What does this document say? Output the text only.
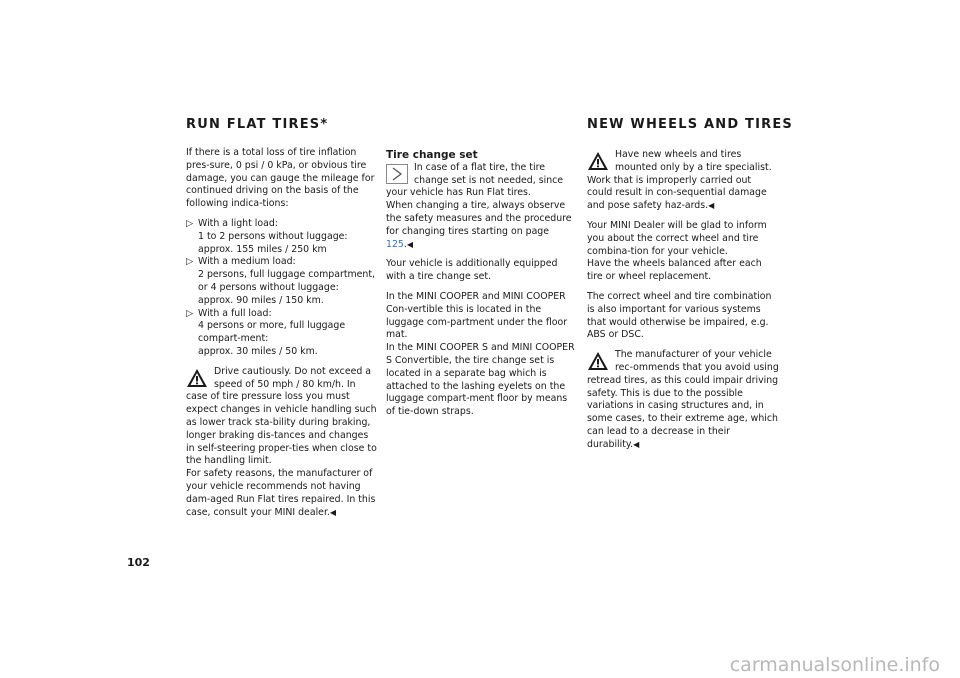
RUN FLAT TIRES*	NEW WHEELS AND TIRES

If there is a total loss of tire inflation pres-sure, 0 psi / 0 kPa, or obvious tire damage, you can gauge the mileage for continued driving on the basis of the following indica-tions:

▷ With a light load:
1 to 2 persons without luggage:
approx. 155 miles / 250 km
▷ With a medium load:
2 persons, full luggage compartment, or 4 persons without luggage:
approx. 90 miles / 150 km.
▷ With a full load:
4 persons or more, full luggage compart-ment:
approx. 30 miles / 50 km.
Drive cautiously. Do not exceed a speed of 50 mph / 80 km/h. In case of tire pressure loss you must expect changes in vehicle handling such as lower track sta-bility during braking, longer braking dis-tances and changes in self-steering proper-ties when close to the handling limit.
For safety reasons, the manufacturer of your vehicle recommends not having dam-aged Run Flat tires repaired. In this case, consult your MINI dealer.◀

Tire change set

In case of a flat tire, the tire change set is not needed, since your vehicle has Run Flat tires.
When changing a tire, always observe the safety measures and the procedure for changing tires starting on page 125.◀

Your vehicle is additionally equipped with a tire change set.

In the MINI COOPER and MINI COOPER Con-vertible this is located in the luggage com-partment under the floor mat.

In the MINI COOPER S and MINI COOPER S Convertible, the tire change set is located in a separate bag which is attached to the lashing eyelets on the luggage compart-ment floor by means of tie-down straps.

Have new wheels and tires mounted only by a tire specialist. Work that is improperly carried out could result in con-sequential damage and pose safety haz-ards.◀

Your MINI Dealer will be glad to inform you about the correct wheel and tire combina-tion for your vehicle.

Have the wheels balanced after each tire or wheel replacement.

The correct wheel and tire combination is also important for various systems that would otherwise be impaired, e.g. ABS or DSC.

The manufacturer of your vehicle rec-ommends that you avoid using retread tires, as this could impair driving safety. This is due to the possible variations in casing structures and, in some cases, to their extreme age, which can lead to a decrease in their durability.◀
102
carmanualsonline.info
